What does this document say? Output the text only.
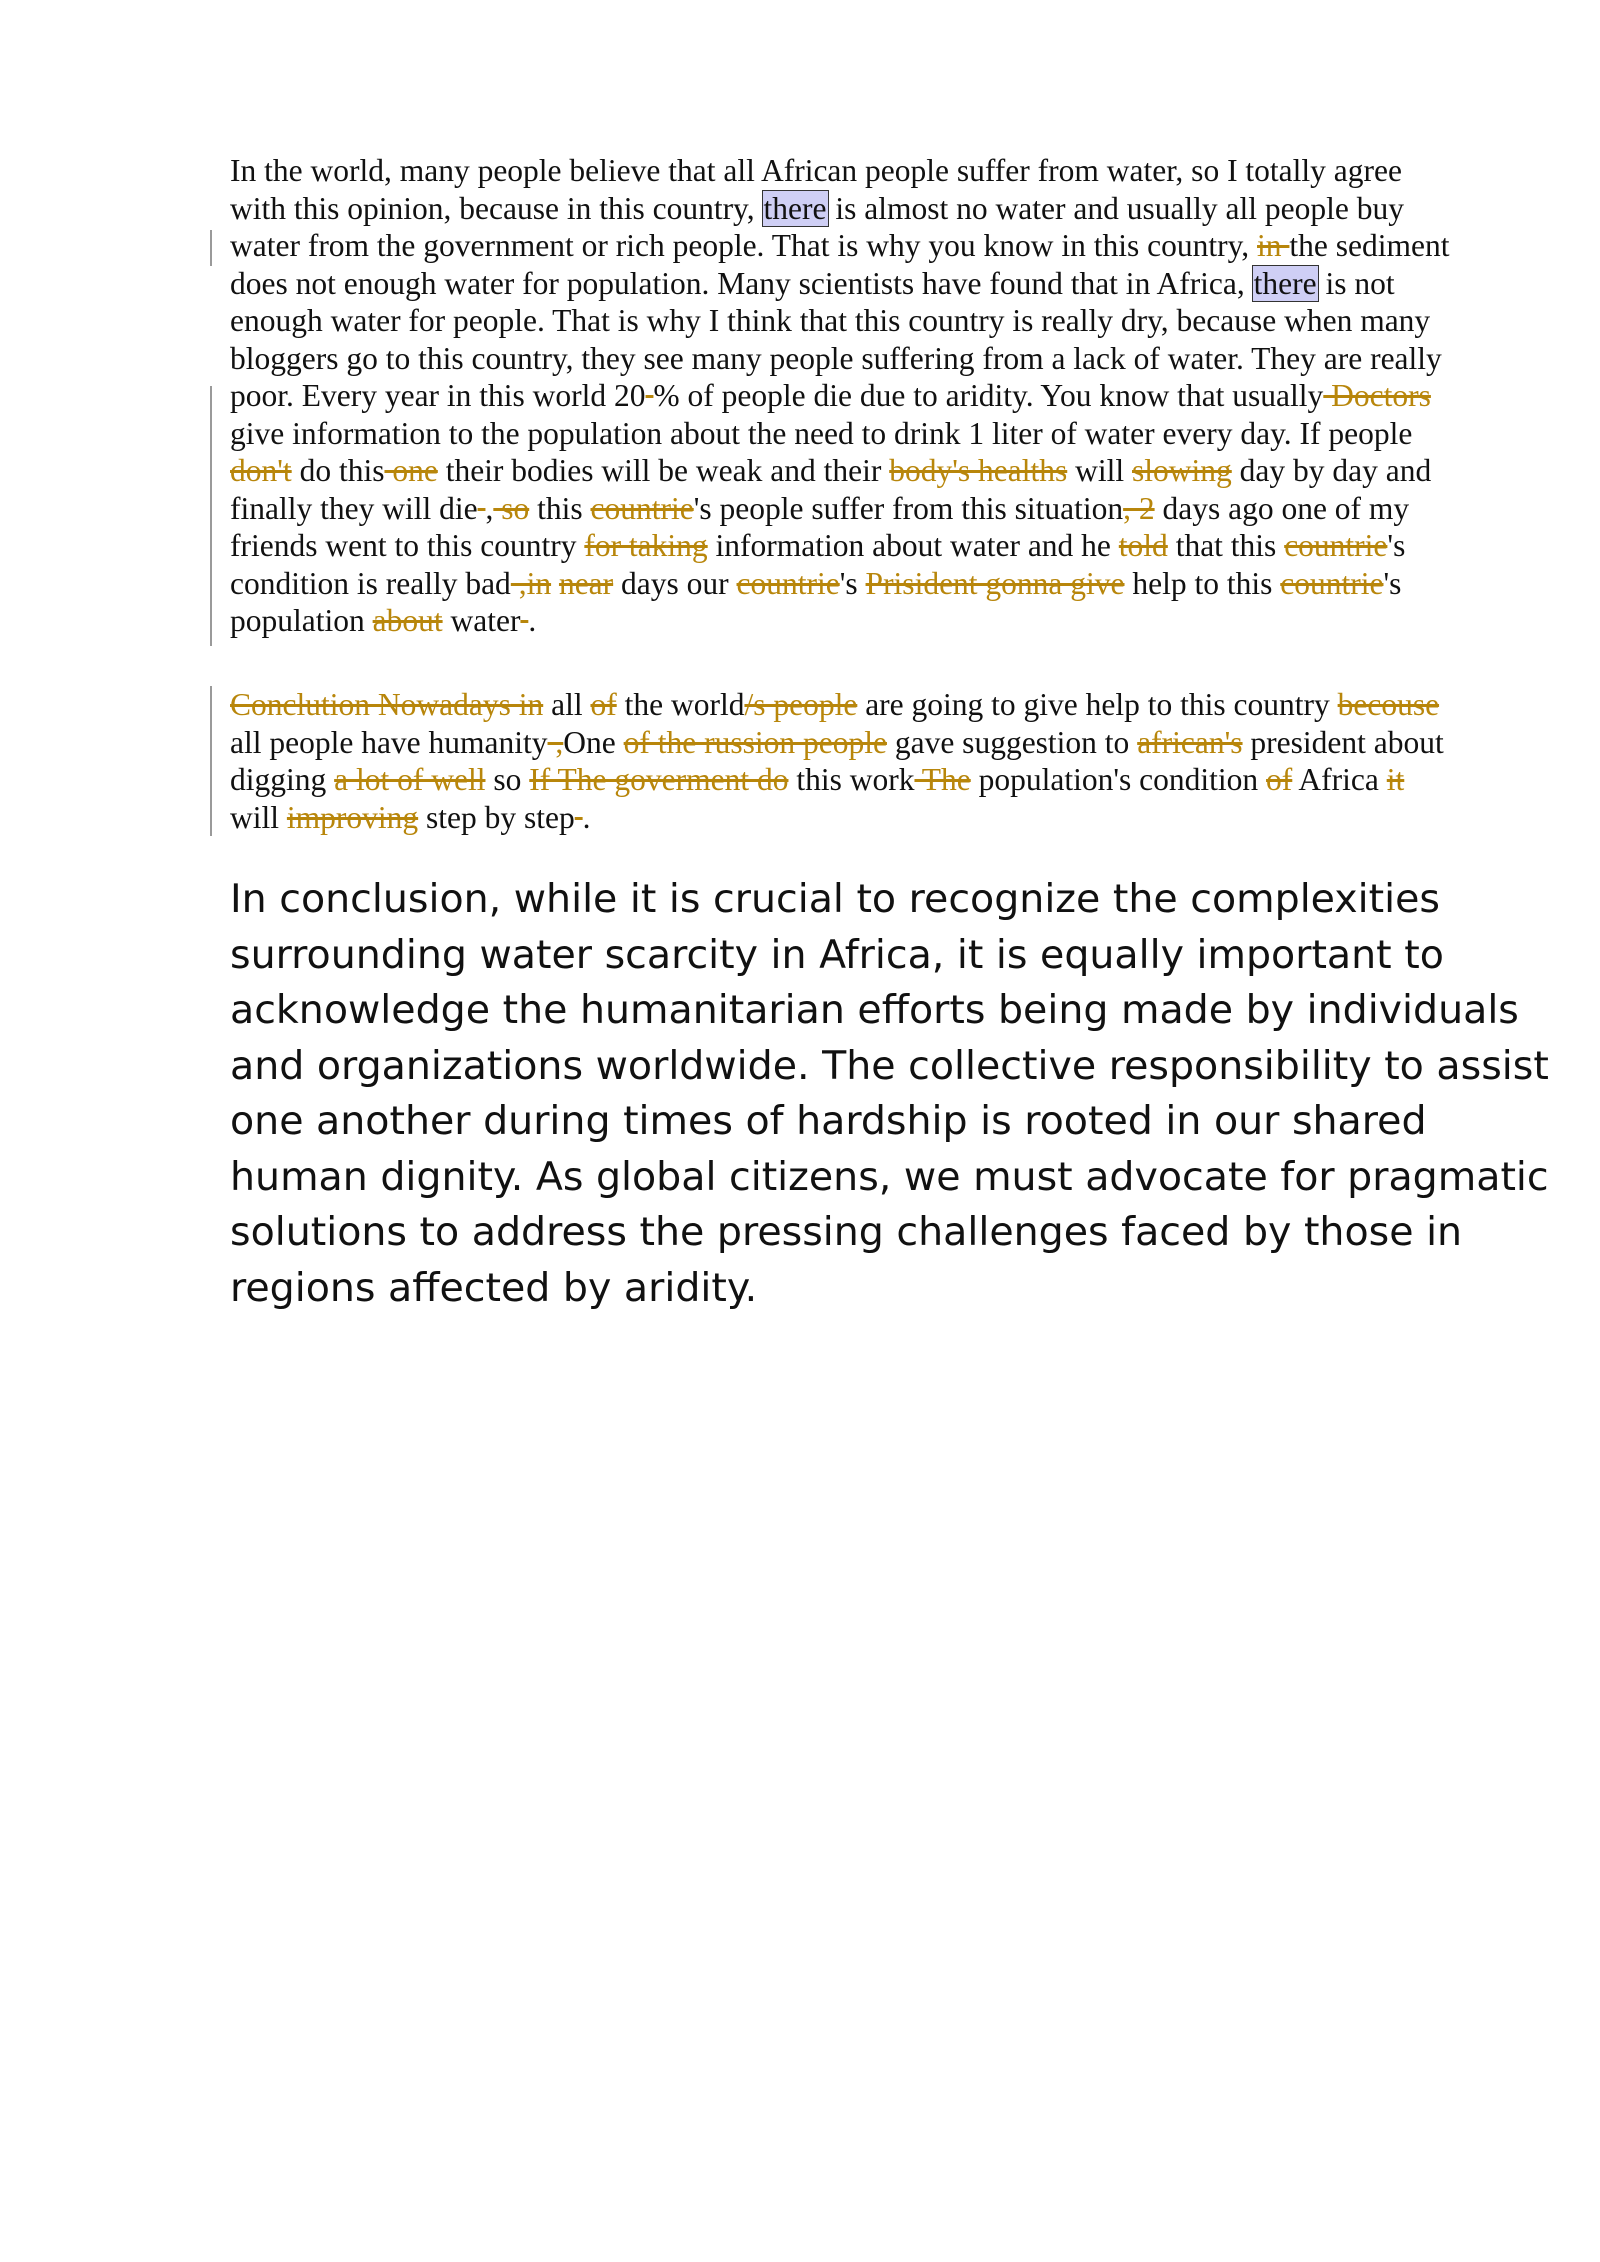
In the world, many people believe that all African people suffer from water, so I totally agree
with this opinion, because in this country, there is almost no water and usually all people buy
water from the government or rich people. That is why you know in this country, in the sediment
does not enough water for population. Many scientists have found that in Africa, there is not
enough water for people. That is why I think that this country is really dry, because when many
bloggers go to this country, they see many people suffering from a lack of water. They are really
poor. Every year in this world 20 % of people die due to aridity. You know that usually Doctors
give information to the population about the need to drink 1 liter of water every day. If people
don't do this one their bodies will be weak and their body's healths will slowing day by day and
finally they will die , so this countrie's people suffer from this situation, 2 days ago one of my
friends went to this country for taking information about water and he told that this countrie's
condition is really bad ,in near days our countrie's Prisident gonna give help to this countrie's
population about water .
Conclution Nowadays in all of the world/s people are going to give help to this country becouse
all people have humanity ,One of the russion people gave suggestion to african's president about
digging a lot of well so If The goverment do this work The population's condition of Africa it
will improving step by step .
In conclusion, while it is crucial to recognize the complexities
surrounding water scarcity in Africa, it is equally important to
acknowledge the humanitarian efforts being made by individuals
and organizations worldwide. The collective responsibility to assist
one another during times of hardship is rooted in our shared
human dignity. As global citizens, we must advocate for pragmatic
solutions to address the pressing challenges faced by those in
regions affected by aridity.
